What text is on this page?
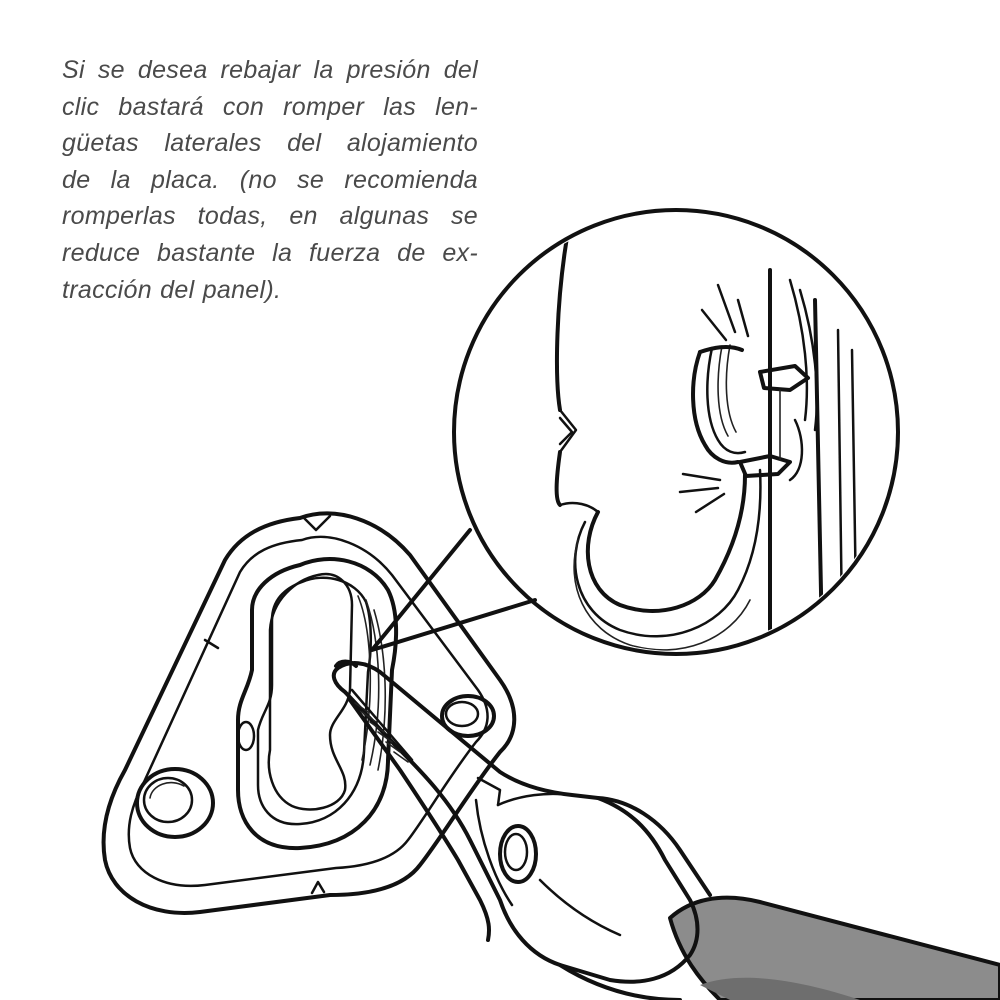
Si se desea rebajar la presión del
clic bastará con romper las len-
güetas laterales del alojamiento
de la placa. (no se recomienda
romperlas todas, en algunas se
reduce bastante la fuerza de ex-
tracción del panel).
